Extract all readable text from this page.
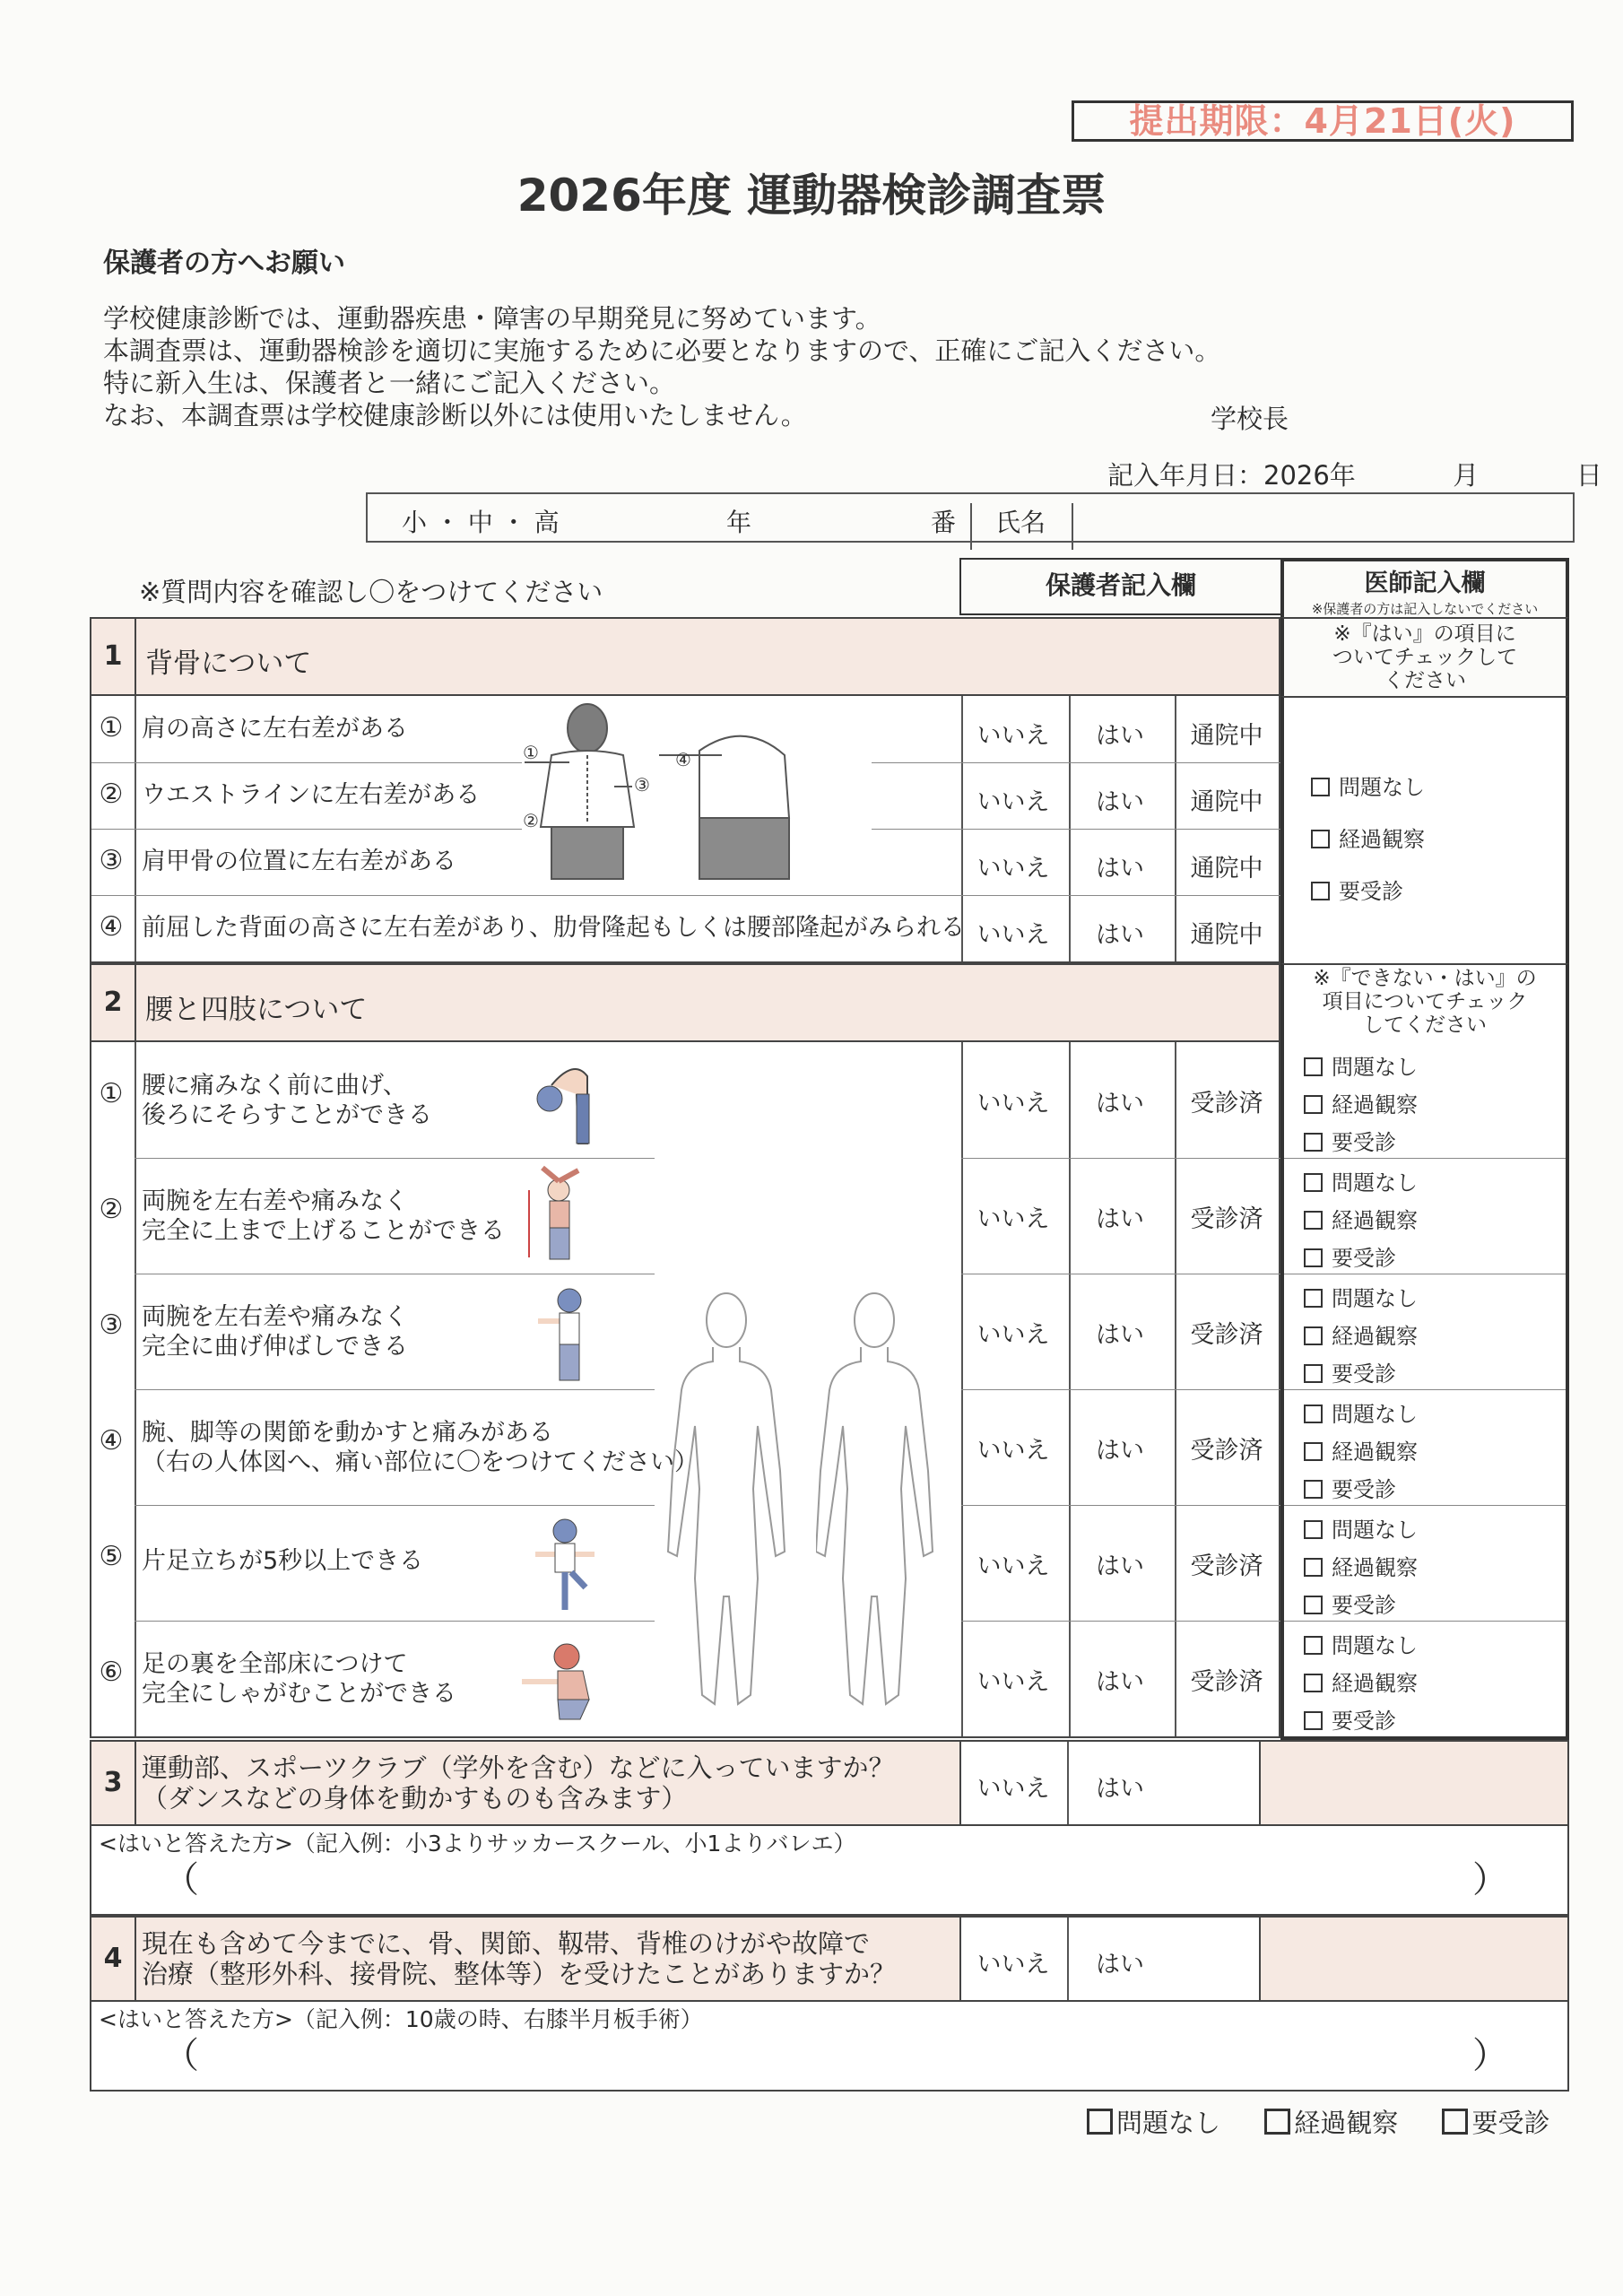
提出期限：4月21日(火)
2026年度 運動器検診調査票
保護者の方へお願い
学校健康診断では、運動器疾患・障害の早期発見に努めています。
本調査票は、運動器検診を適切に実施するために必要となりますので、正確にご記入ください。
特に新入生は、保護者と一緒にご記入ください。
なお、本調査票は学校健康診断以外には使用いたしません。	学校長
記入年月日：2026年	月	日
小 ・ 中 ・ 高	年	番 氏名
※質問内容を確認し〇をつけてください	保護者記入欄	医師記入欄
※保護者の方は記入しないでください
1 背骨について
※『はい』の項目に
ついてチェックして
ください
① 肩の高さに左右差がある	いいえ	はい	通院中
② ウエストラインに左右差がある	いいえ	はい	通院中
③ 肩甲骨の位置に左右差がある	いいえ	はい	通院中
④ 前屈した背面の高さに左右差があり、肋骨隆起もしくは腰部隆起がみられる いいえ	はい	通院中
①
②
③
④
問題なし
経過観察
要受診
2 腰と四肢について
※『できない・はい』の
項目についてチェック
してください
① 腰に痛みなく前に曲げ、
後ろにそらすことができる	いいえ	はい	受診済
② 両腕を左右差や痛みなく
完全に上まで上げることができる	いいえ	はい	受診済
③ 両腕を左右差や痛みなく
完全に曲げ伸ばしできる	いいえ	はい	受診済
④ 腕、脚等の関節を動かすと痛みがある
（右の人体図へ、痛い部位に〇をつけてください）	いいえ	はい	受診済
⑤ 片足立ちが5秒以上できる	いいえ	はい	受診済
⑥ 足の裏を全部床につけて
完全にしゃがむことができる	いいえ	はい	受診済
問題なし
経過観察
要受診
問題なし
経過観察
要受診
問題なし
経過観察
要受診
問題なし
経過観察
要受診
問題なし
経過観察
要受診
問題なし
経過観察
要受診
3 運動部、スポーツクラブ（学外を含む）などに入っていますか？
（ダンスなどの身体を動かすものも含みます）	いいえ	はい
<はいと答えた方>（記入例：小3よりサッカースクール、小1よりバレエ）
（	）
4 現在も含めて今までに、骨、関節、靱帯、背椎のけがや故障で
治療（整形外科、接骨院、整体等）を受けたことがありますか？	いいえ	はい
<はいと答えた方>（記入例：10歳の時、右膝半月板手術）
（	）
問題なし	経過観察	要受診
